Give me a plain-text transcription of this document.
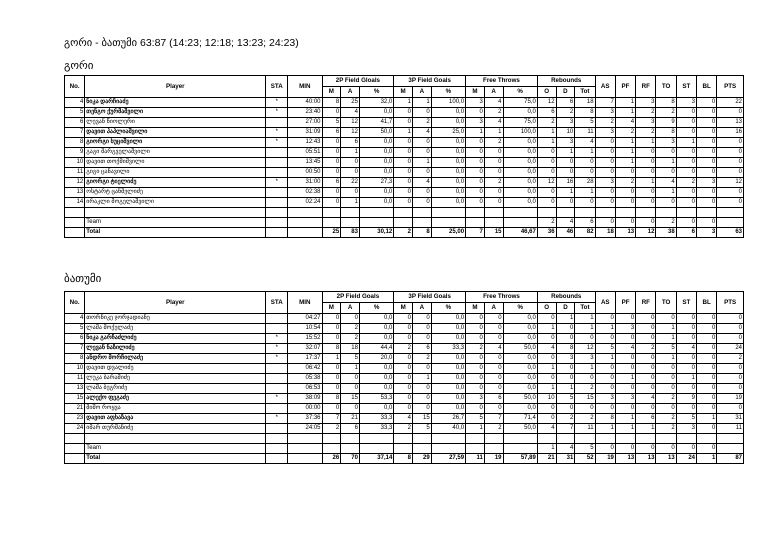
გორი - ბათუმი 63:87 (14:23; 12:18; 13:23; 24:23)
გორი
No.	Player	STA	MIN	2P Field Gloals			3P Field Goals			Free Throws			Rebounds			AS	PF	RF	TO	ST	BL	PTS
				M	A	%	M	A	%	M	A	%	O	D	Tot							
4	ნიკა დარჩიაძე	*	40:00	8	25	32,0	1	1	100,0	3	4	75,0	12	6	18	7	1	3	8	3	0	22
5	თენგო ქურმაშვილი	*	23:40	0	4	0,0	0	0	0,0	0	2	0,0	6	2	8	3	1	2	2	0	0	0
6	ლევან წიოლერი		27:00	5	12	41,7	0	2	0,0	3	4	75,0	2	3	5	2	4	3	9	0	0	13
7	დავით პაპლიაშვილი	*	31:09	6	12	50,0	1	4	25,0	1	1	100,0	1	10	11	3	2	2	8	0	0	16
8	გიორგი ხუციშვილი	*	12:43	0	6	0,0	0	0	0,0	0	2	0,0	1	3	4	0	1	1	3	1	0	0
9	გაგი მარგველაშვილი		05:51	0	1	0,0	0	0	0,0	0	0	0,0	0	1	1	0	1	0	0	0	0	0
10	დავით თოქმიშვილი		13:45	0	0	0,0	0	1	0,0	0	0	0,0	0	0	0	0	1	0	1	0	0	0
11	გიგი ცანავილი		00:50	0	0	0,0	0	0	0,0	0	0	0,0	0	0	0	0	0	0	0	0	0	0
12	გიორგი ტიელიძე	*	31:00	6	22	27,3	0	4	0,0	0	2	0,0	12	16	28	3	2	1	4	2	3	12
13	ოსტარტ ცანმელიძე		02:38	0	0	0,0	0	0	0,0	0	0	0,0	0	1	1	0	0	0	1	0	0	0
14	ირაკლი მოგელაშვილი		02:24	0	1	0,0	0	0	0,0	0	0	0,0	0	0	0	0	0	0	0	0	0	0

	Team												2	4	6	0	0	0	2	0	0	
	Total			25	83	30,12	2	8	25,00	7	15	46,67	36	46	82	18	13	12	38	6	3	63
ბათუმი
No.	Player	STA	MIN	2P Field Goals			3P Field Goals			Free Throws			Rebounds			AS	PF	RF	TO	ST	BL	PTS
				M	A	%	M	A	%	M	A	%	O	D	Tot							
4	თორნიკე ჯორჯადიანე		04:27	0	0	0,0	0	0	0,0	0	0	0,0	0	1	1	0	0	0	0	0	0	0
5	ლაშა მოქელაძე		10:54	0	2	0,0	0	0	0,0	0	0	0,0	1	0	1	1	3	0	1	0	0	0
6	ნიკა გარჩაძლიძე	*	15:52	0	2	0,0	0	0	0,0	0	0	0,0	0	0	0	0	0	0	1	0	0	0
7	ლევან ნაზილიძე	*	32:07	8	18	44,4	2	6	33,3	2	4	50,0	4	8	12	5	4	2	5	4	0	24
8	ანდრო მორჩილაძე	*	17:37	1	5	20,0	0	2	0,0	0	0	0,0	0	3	3	1	0	0	1	0	0	2
10	დავით დვალიძე		06:42	0	1	0,0	0	0	0,0	0	0	0,0	1	0	1	0	0	0	0	0	0	0
11	ლუკა ბარამიძე		05:38	0	0	0,0	0	1	0,0	0	0	0,0	0	0	0	0	1	0	0	1	0	0
13	ლაშა ბეგრიძე		06:53	0	0	0,0	0	0	0,0	0	0	0,0	1	1	2	0	0	0	0	0	0	0
15	ალექო ფეგაძე	*	38:09	8	15	53,3	0	0	0,0	3	6	50,0	10	5	15	3	3	4	2	9	0	19
21	მიშო როყვა		00:00	0	0	0,0	0	0	0,0	0	0	0,0	0	0	0	0	0	0	0	0	0	0
23	დავით აფხაზავა	*	37:36	7	21	33,3	4	15	26,7	5	7	71,4	0	2	2	8	1	6	2	5	1	31
24	იმარ თურმანიძე		24:05	2	6	33,3	2	5	40,0	1	2	50,0	4	7	11	1	1	1	2	3	0	11

	Team												1	4	5	0	0	0	0	0	0	
	Total			26	70	37,14	8	29	27,59	11	19	57,89	21	31	52	19	13	13	13	24	1	87
